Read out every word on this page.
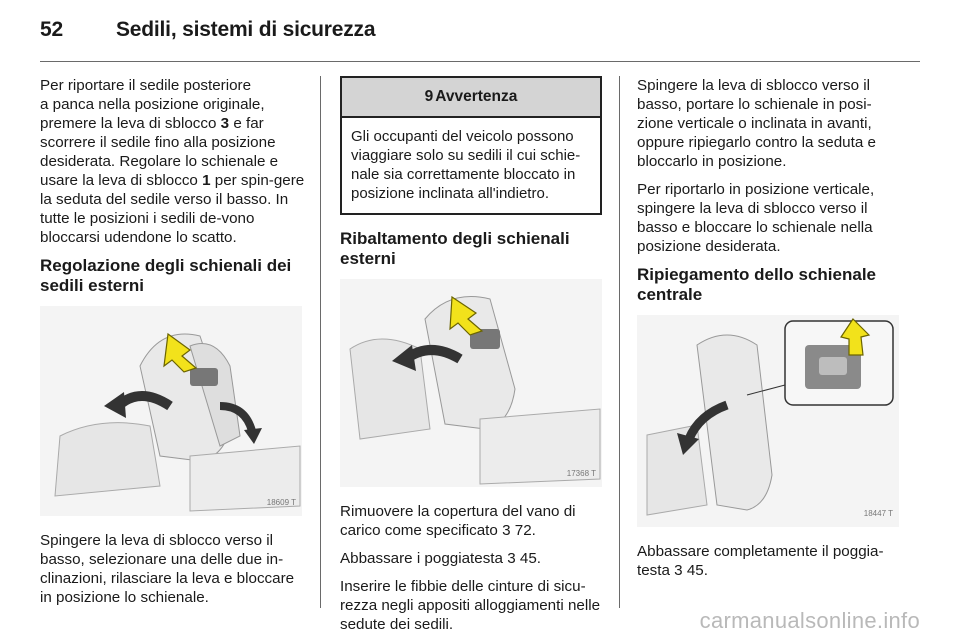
52	Sedili, sistemi di sicurezza

Per riportare il sedile posteriore
a panca nella posizione originale,
premere la leva di sblocco 3 e far scorrere il sedile fino alla posizione desiderata. Regolare lo schienale e usare la leva di sblocco 1 per spin-gere la seduta del sedile verso il basso. In tutte le posizioni i sedili de-vono bloccarsi udendone lo scatto.

Regolazione degli schienali dei sedili esterni
18609 T

Spingere la leva di sblocco verso il basso, selezionare una delle due in-clinazioni, rilasciare la leva e bloccare in posizione lo schienale.

9 Avvertenza
Gli occupanti del veicolo possono viaggiare solo su sedili il cui schie-nale sia correttamente bloccato in posizione inclinata all'indietro.
Ribaltamento degli schienali esterni
17368 T

Rimuovere la copertura del vano di carico come specificato 3 72.

Abbassare i poggiatesta 3 45.

Inserire le fibbie delle cinture di sicu-rezza negli appositi alloggiamenti nelle sedute dei sedili.

Spingere la leva di sblocco verso il basso, portare lo schienale in posi-zione verticale o inclinata in avanti, oppure ripiegarlo contro la seduta e bloccarlo in posizione.

Per riportarlo in posizione verticale, spingere la leva di sblocco verso il basso e bloccare lo schienale nella posizione desiderata.

Ripiegamento dello schienale centrale
18447 T

Abbassare completamente il poggia-testa 3 45.

carmanualsonline.info
